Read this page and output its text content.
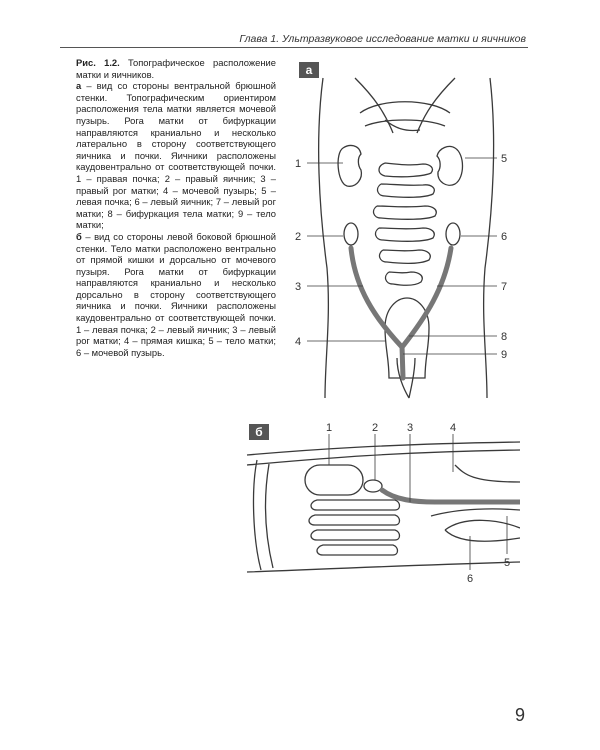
Глава 1. Ультразвуковое исследование матки и яичников

Рис. 1.2. Топографическое расположение матки и яичников.

а – вид со стороны вентральной брюшной стенки. Топографическим ориентиром расположения тела матки является мочевой пузырь. Рога матки от бифуркации направляются краниально и несколько латерально в сторону соответствующего яичника и почки. Яичники расположены каудовентрально от соответствующей почки. 1 – правая почка; 2 – правый яичник; 3 – правый рог матки; 4 – мочевой пузырь; 5 – левая почка; 6 – левый яичник; 7 – левый рог матки; 8 – бифуркация тела матки; 9 – тело матки;

б – вид со стороны левой боковой брюшной стенки. Тело матки расположено вентрально от прямой кишки и дорсально от мочевого пузыря. Рога матки от бифуркации направляются краниально и несколько дорсально в сторону соответствующего яичника и почки. Яичники расположены каудовентрально от соответствующей почки. 1 – левая почка; 2 – левый яичник; 3 – левый рог матки; 4 – прямая кишка; 5 – тело матки; 6 – мочевой пузырь.

а
1
2
3
4
5
6
7
8
9
б	1	2	3	4
5
6
9
